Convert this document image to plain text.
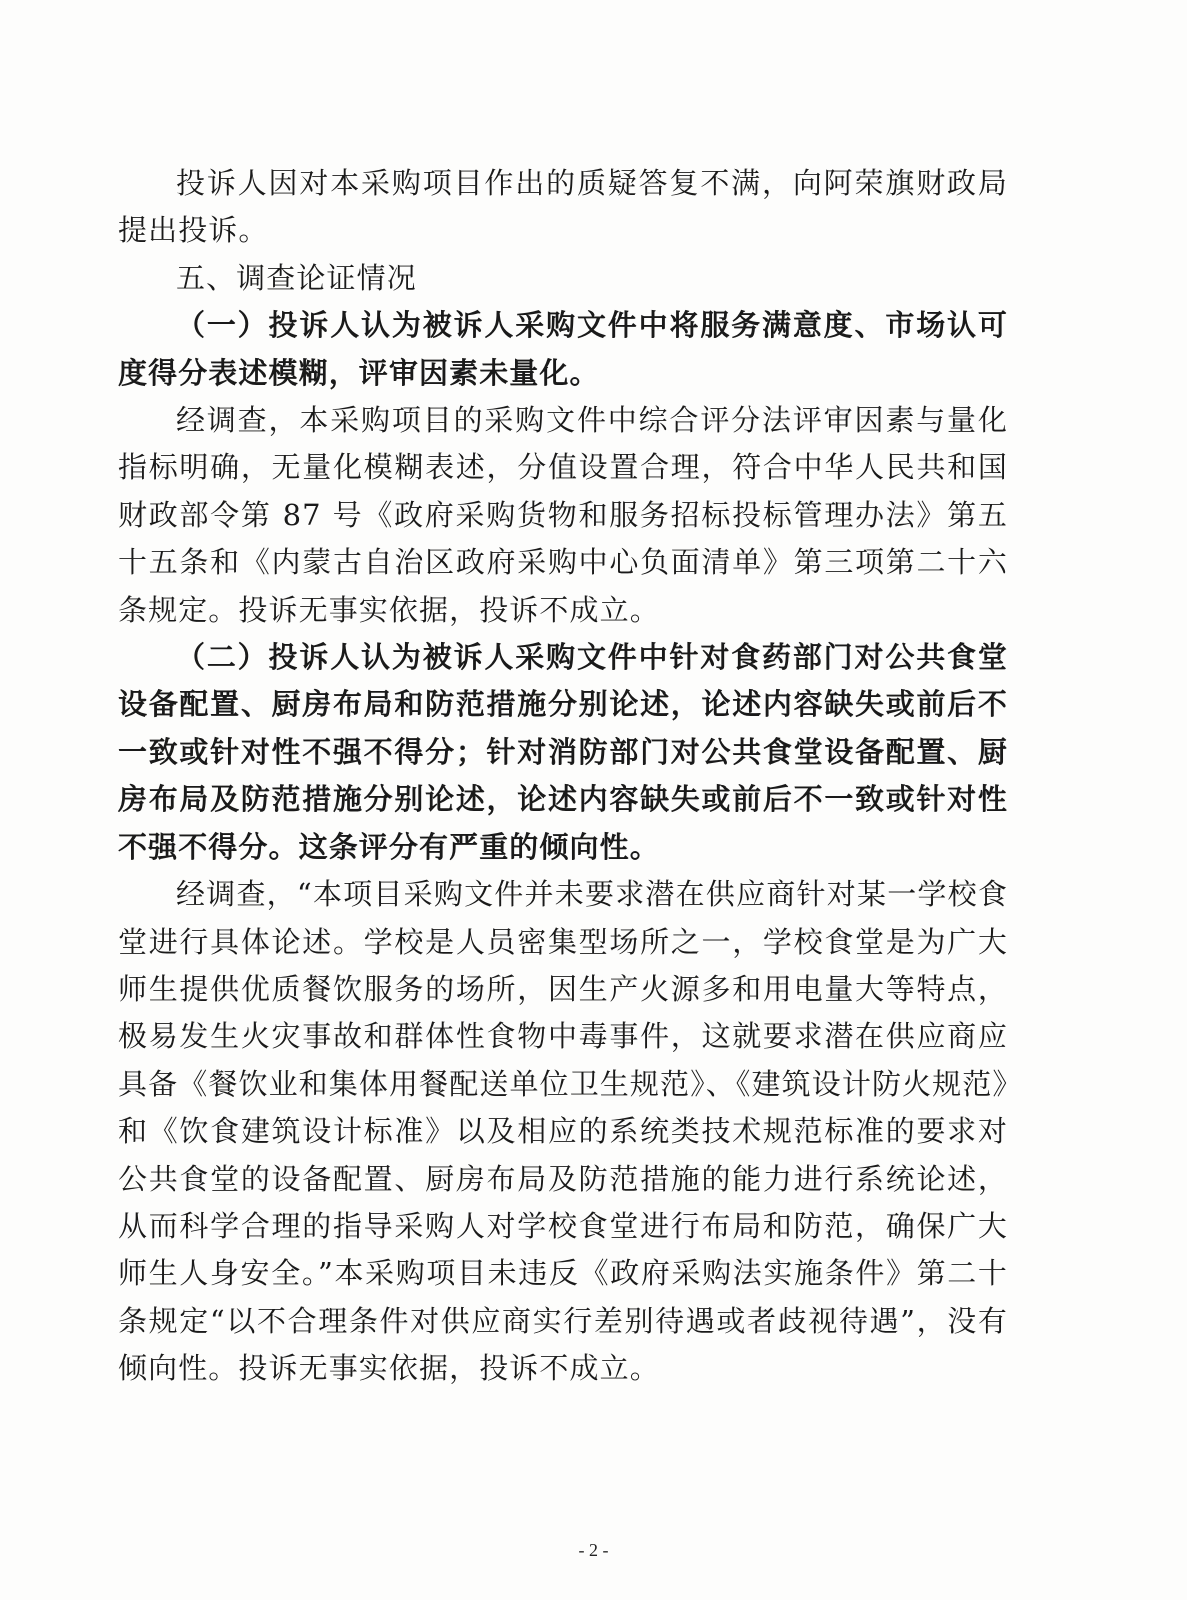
投诉人因对本采购项目作出的质疑答复不满，向阿荣旗财政局提出投诉。

五、调查论证情况

（一）投诉人认为被诉人采购文件中将服务满意度、市场认可度得分表述模糊，评审因素未量化。

经调查，本采购项目的采购文件中综合评分法评审因素与量化指标明确，无量化模糊表述，分值设置合理，符合中华人民共和国财政部令第 87 号《政府采购货物和服务招标投标管理办法》第五十五条和《内蒙古自治区政府采购中心负面清单》第三项第二十六条规定。投诉无事实依据，投诉不成立。

（二）投诉人认为被诉人采购文件中针对食药部门对公共食堂设备配置、厨房布局和防范措施分别论述，论述内容缺失或前后不一致或针对性不强不得分；针对消防部门对公共食堂设备配置、厨房布局及防范措施分别论述，论述内容缺失或前后不一致或针对性不强不得分。这条评分有严重的倾向性。

经调查，“本项目采购文件并未要求潜在供应商针对某一学校食堂进行具体论述。学校是人员密集型场所之一，学校食堂是为广大师生提供优质餐饮服务的场所，因生产火源多和用电量大等特点，极易发生火灾事故和群体性食物中毒事件，这就要求潜在供应商应具备《餐饮业和集体用餐配送单位卫生规范》、《建筑设计防火规范》和《饮食建筑设计标准》以及相应的系统类技术规范标准的要求对公共食堂的设备配置、厨房布局及防范措施的能力进行系统论述，从而科学合理的指导采购人对学校食堂进行布局和防范，确保广大师生人身安全。”本采购项目未违反《政府采购法实施条件》第二十条规定“以不合理条件对供应商实行差别待遇或者歧视待遇”，没有倾向性。投诉无事实依据，投诉不成立。

- 2 -
